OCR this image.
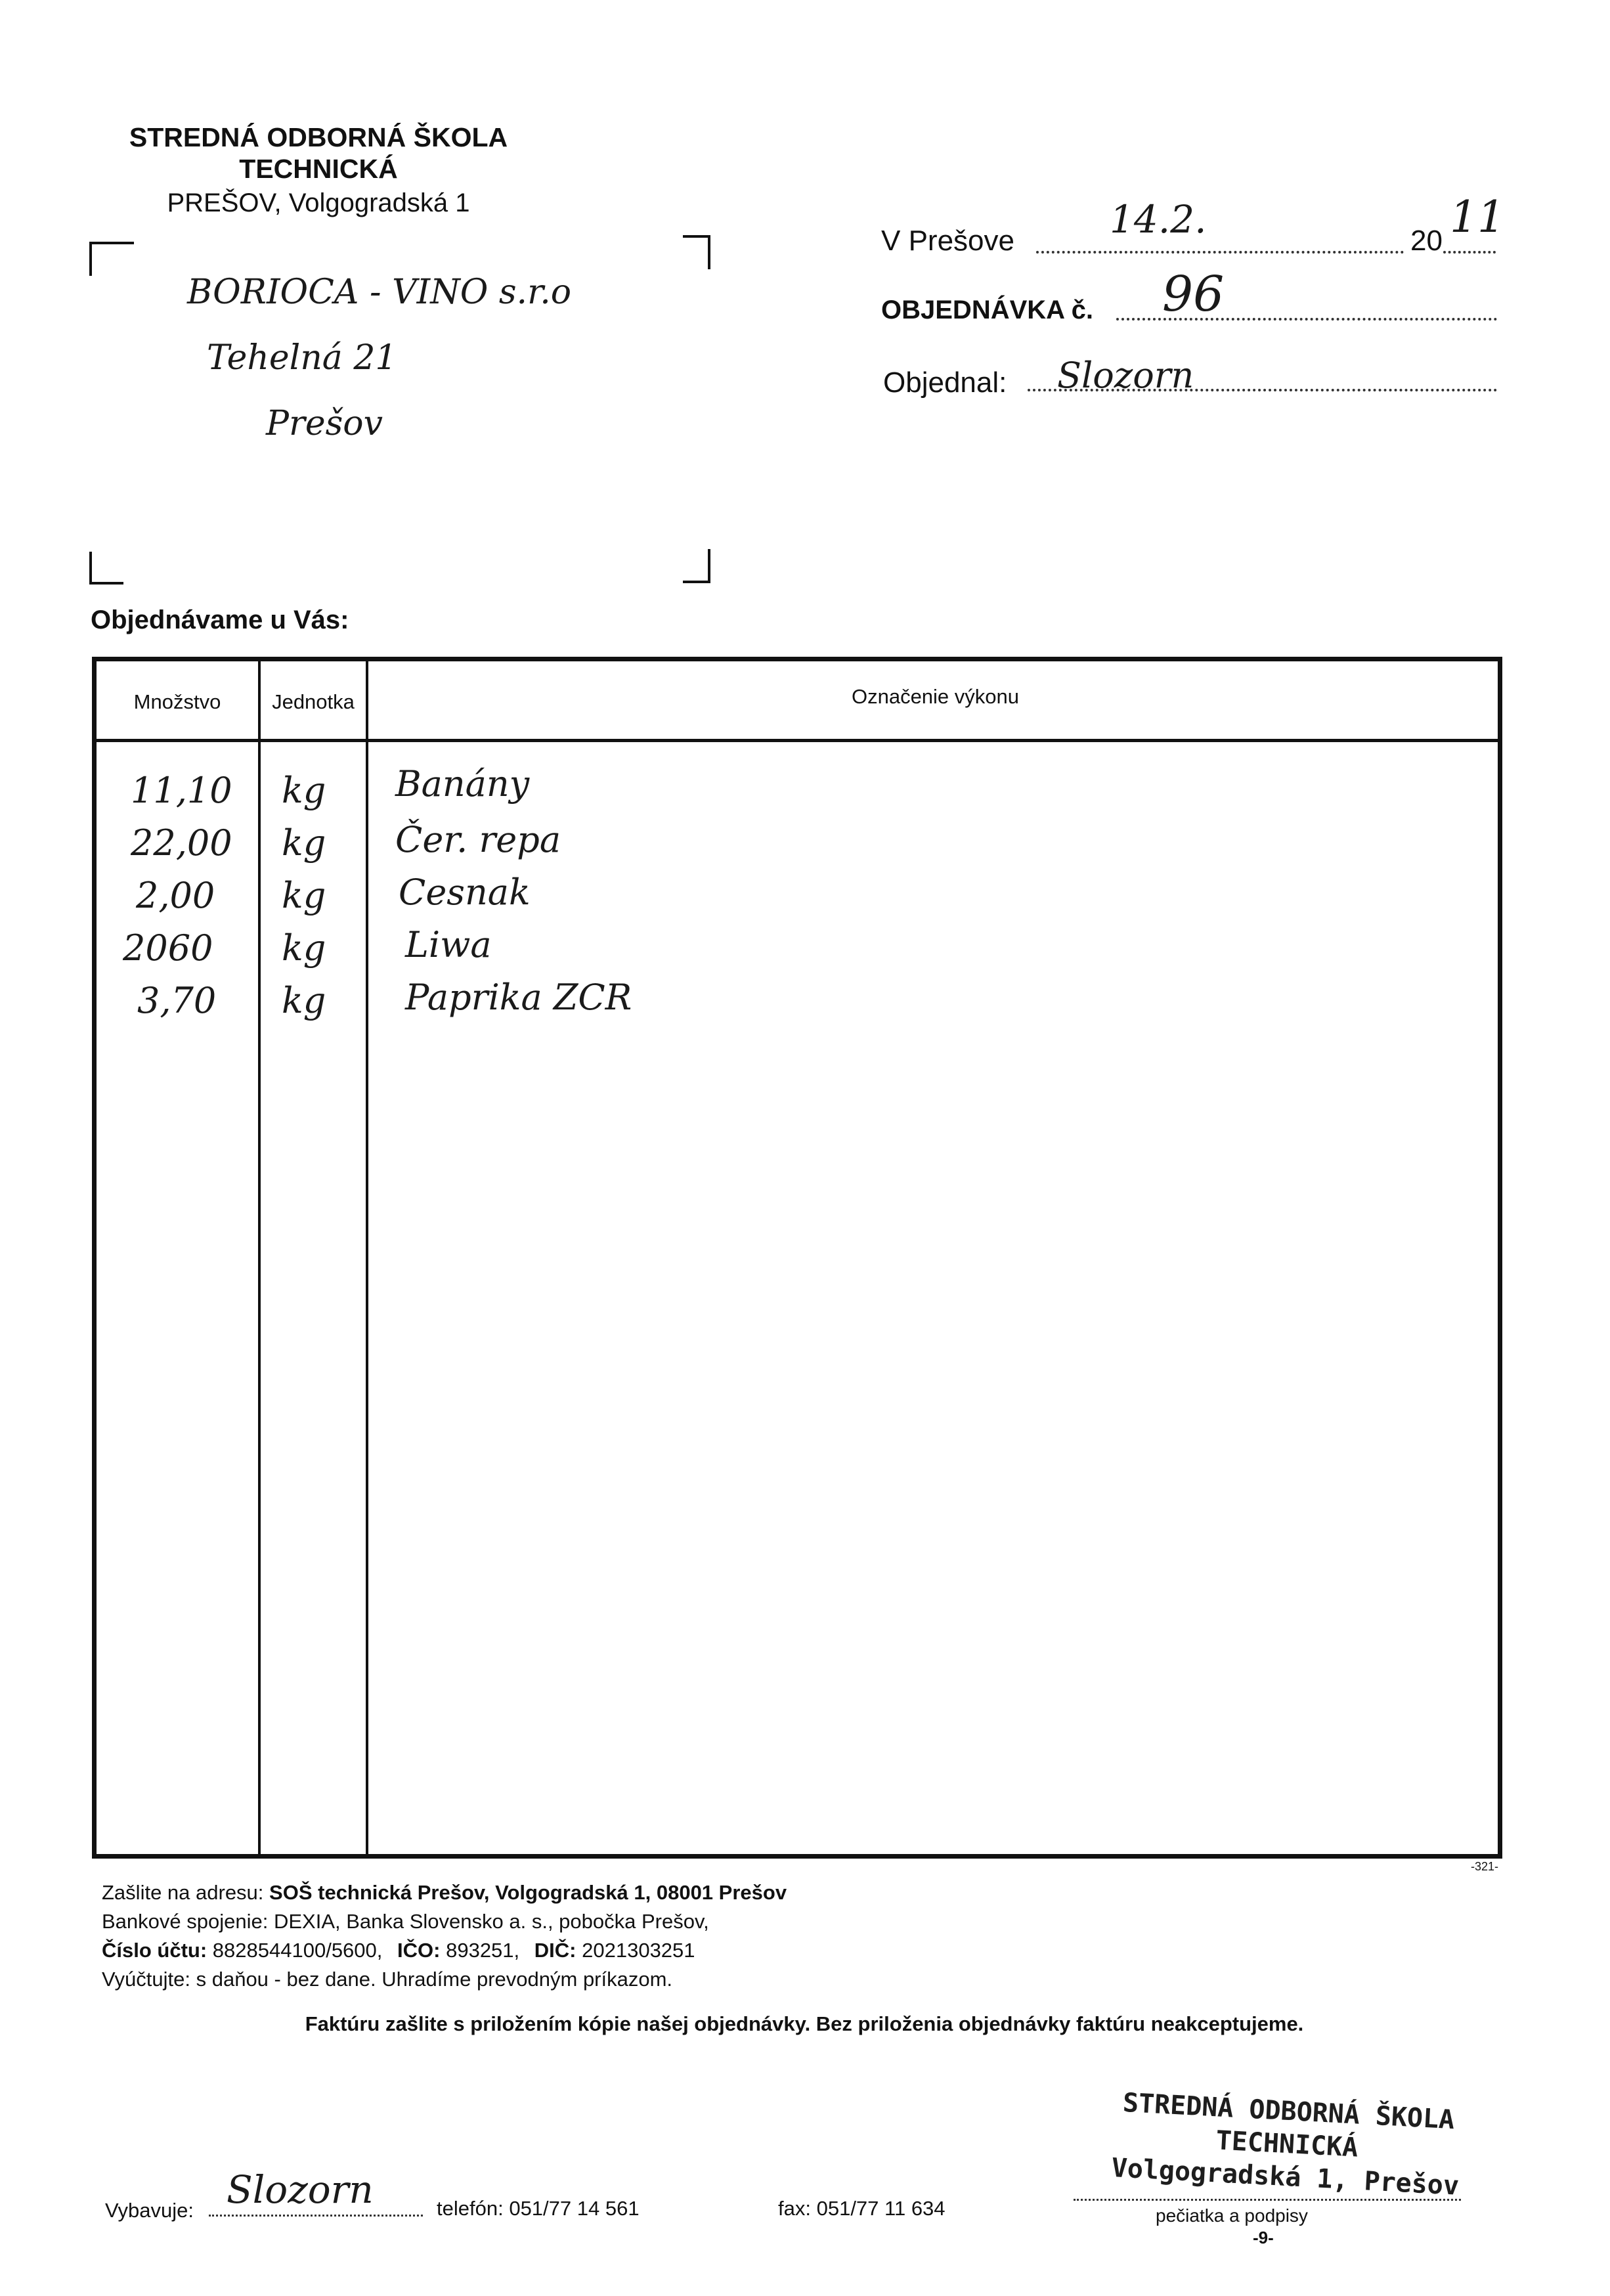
STREDNÁ ODBORNÁ ŠKOLA
TECHNICKÁ
PREŠOV, Volgogradská 1
BORIOCA - VINO s.r.o
Tehelná 21
Prešov
V Prešove	14.2.	20 11
OBJEDNÁVKA č. 96
Objednal: Slozorn
Objednávame u Vás:
Množstvo	Jednotka	Označenie výkonu
11,10 kg Banány
22,00 kg Čer. repa
2,00 kg Cesnak
2060 kg Liwa
3,70 kg Paprika ZCR
-321-
Zašlite na adresu: SOŠ technická Prešov, Volgogradská 1, 08001 Prešov
Bankové spojenie: DEXIA, Banka Slovensko a. s., pobočka Prešov,
Číslo účtu: 8828544100/5600, IČO: 893251, DIČ: 2021303251
Vyúčtujte: s daňou - bez dane. Uhradíme prevodným príkazom.
Faktúru zašlite s priložením kópie našej objednávky. Bez priloženia objednávky faktúru neakceptujeme.
STREDNÁ ODBORNÁ ŠKOLA
TECHNICKÁ
Volgogradská 1, Prešov
pečiatka a podpisy
-9-
Vybavuje: Slozorn	telefón: 051/77 14 561	fax: 051/77 11 634
